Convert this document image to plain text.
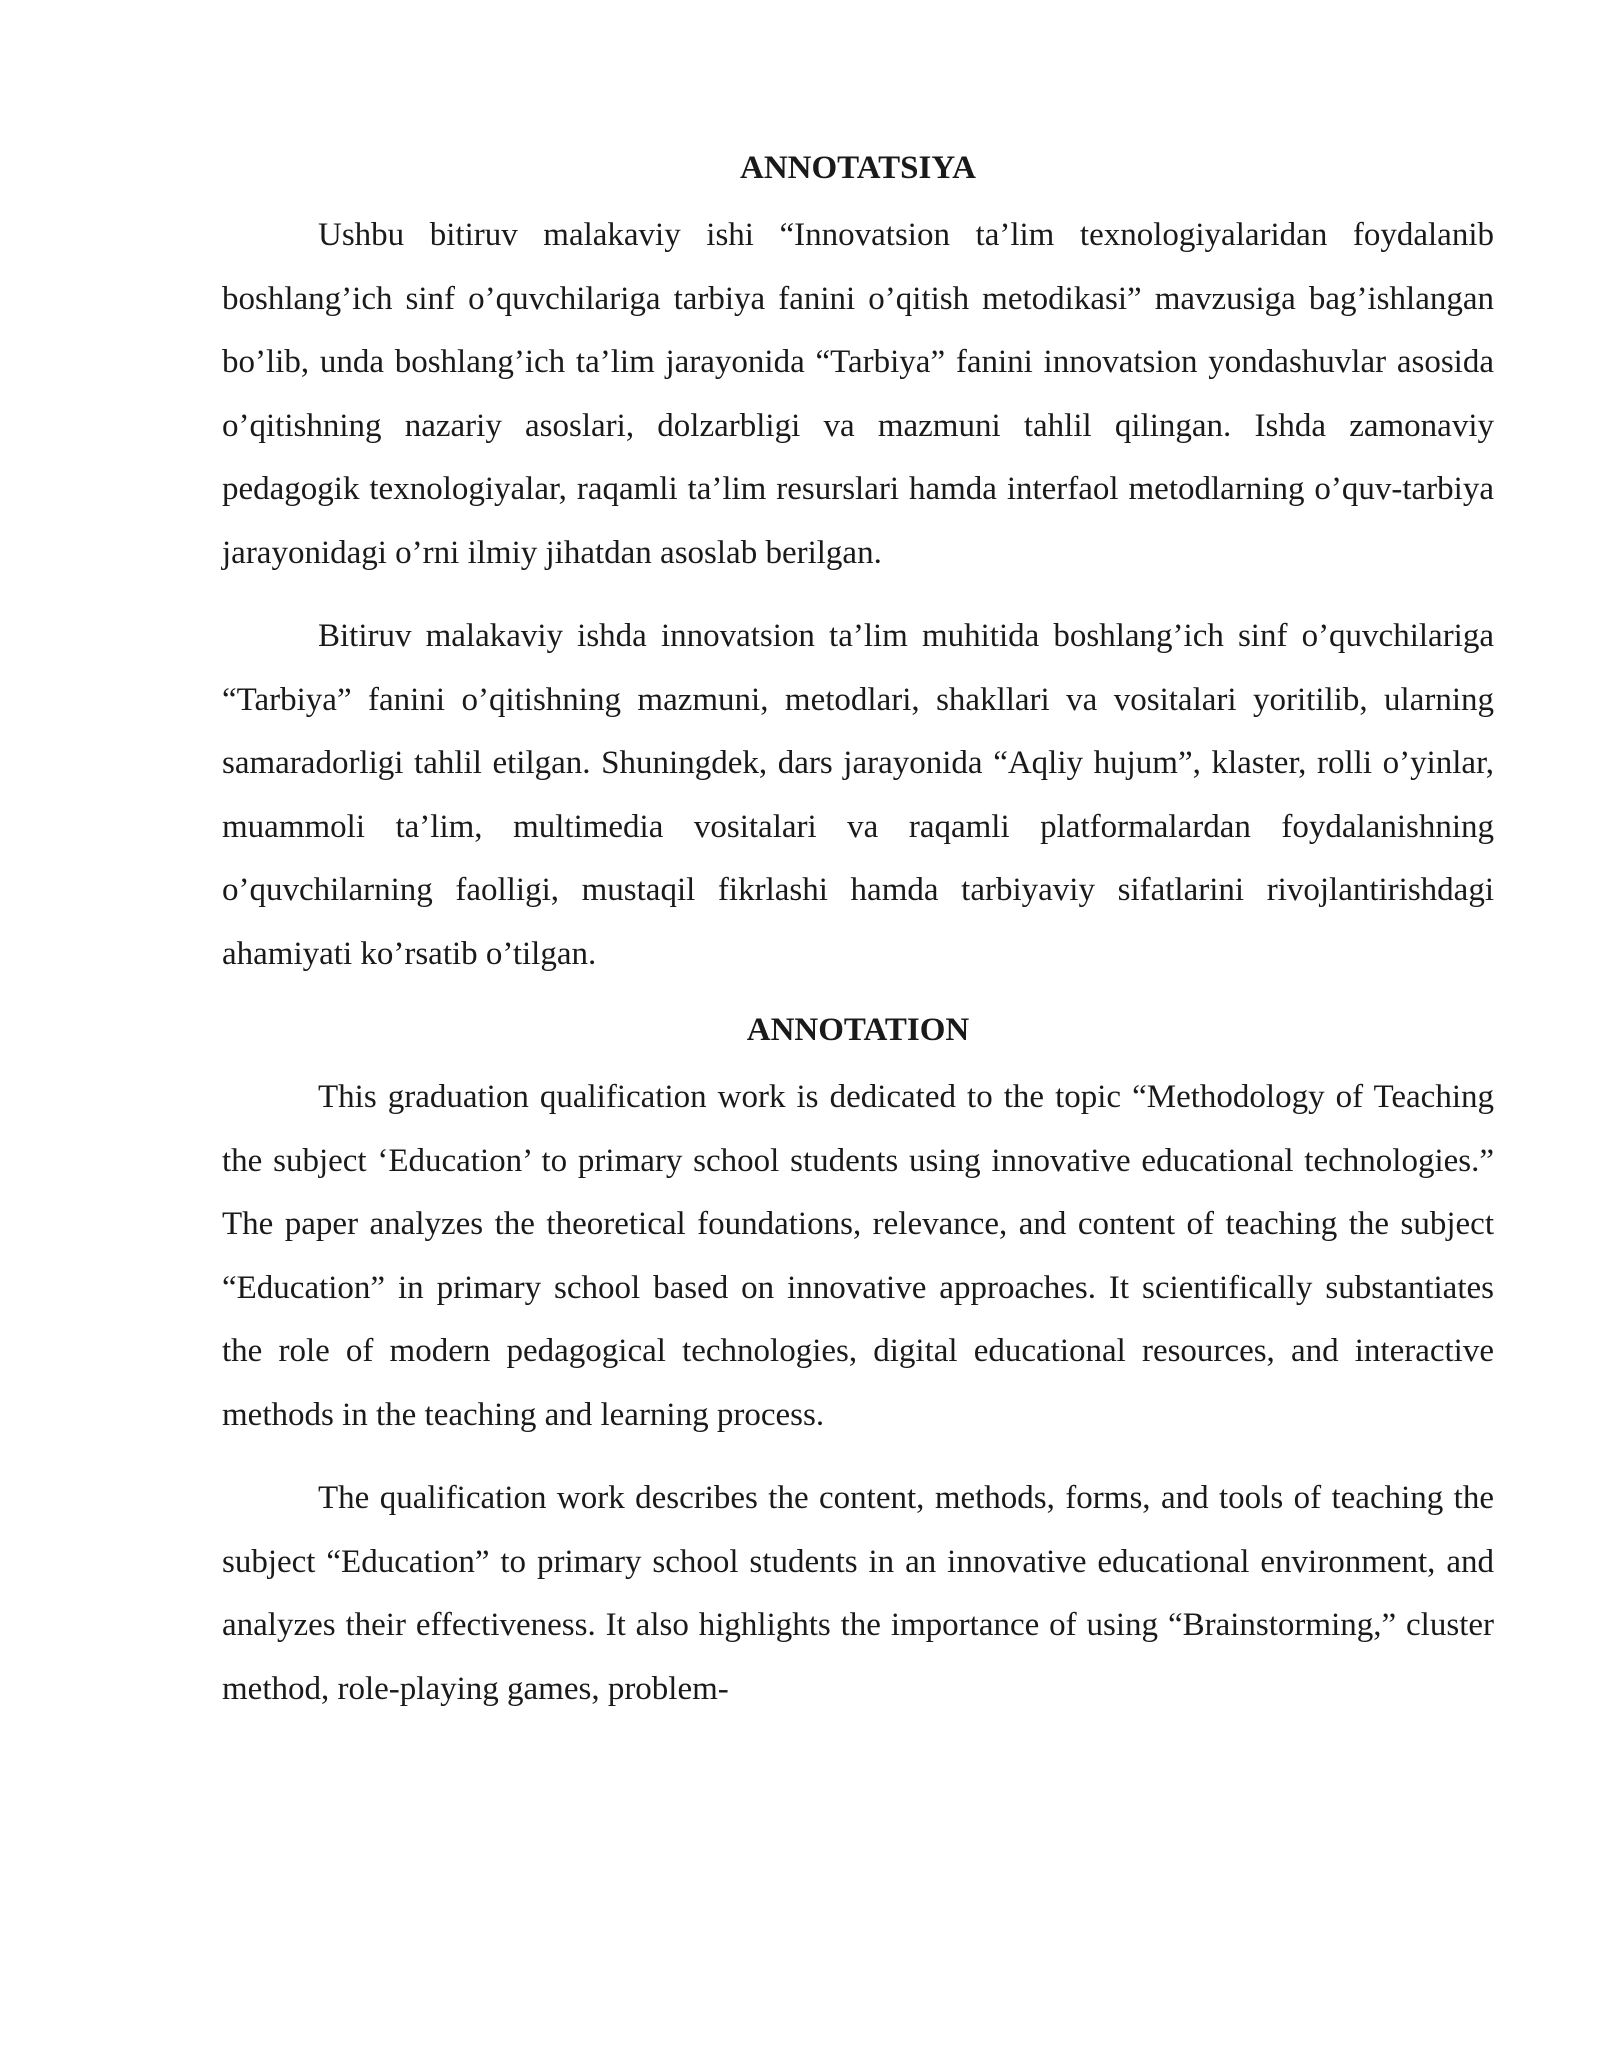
ANNOTATSIYA

Ushbu bitiruv malakaviy ishi “Innovatsion ta’lim texnologiyalaridan foydalanib boshlang’ich sinf o’quvchilariga tarbiya fanini o’qitish metodikasi” mavzusiga bag’ishlangan bo’lib, unda boshlang’ich ta’lim jarayonida “Tarbiya” fanini innovatsion yondashuvlar asosida o’qitishning nazariy asoslari, dolzarbligi va mazmuni tahlil qilingan. Ishda zamonaviy pedagogik texnologiyalar, raqamli ta’lim resurslari hamda interfaol metodlarning o’quv-tarbiya jarayonidagi o’rni ilmiy jihatdan asoslab berilgan.

Bitiruv malakaviy ishda innovatsion ta’lim muhitida boshlang’ich sinf o’quvchilariga “Tarbiya” fanini o’qitishning mazmuni, metodlari, shakllari va vositalari yoritilib, ularning samaradorligi tahlil etilgan. Shuningdek, dars jarayonida “Aqliy hujum”, klaster, rolli o’yinlar, muammoli ta’lim, multimedia vositalari va raqamli platformalardan foydalanishning o’quvchilarning faolligi, mustaqil fikrlashi hamda tarbiyaviy sifatlarini rivojlantirishdagi ahamiyati ko’rsatib o’tilgan.

ANNOTATION

This graduation qualification work is dedicated to the topic “Methodology of Teaching the subject ‘Education’ to primary school students using innovative educational technologies.” The paper analyzes the theoretical foundations, relevance, and content of teaching the subject “Education” in primary school based on innovative approaches. It scientifically substantiates the role of modern pedagogical technologies, digital educational resources, and interactive methods in the teaching and learning process.

The qualification work describes the content, methods, forms, and tools of teaching the subject “Education” to primary school students in an innovative educational environment, and analyzes their effectiveness. It also highlights the importance of using “Brainstorming,” cluster method, role-playing games, problem-
